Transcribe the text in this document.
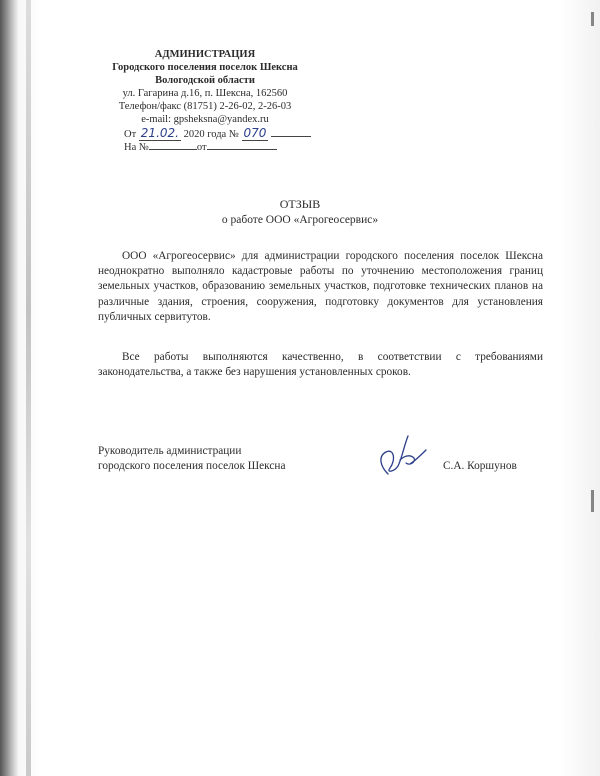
АДМИНИСТРАЦИЯ
Городского поселения поселок Шексна
Вологодской области
ул. Гагарина д.16, п. Шексна, 162560
Телефон/факс (81751) 2-26-02, 2-26-03
e-mail: gpsheksna@yandex.ru
От 21.02. 2020 года № 070
На №	от
ОТЗЫВ
о работе ООО «Агрогеосервис»
ООО «Агрогеосервис» для администрации городского поселения поселок Шексна неоднократно выполняло кадастровые работы по уточнению местоположения границ земельных участков, образованию земельных участков, подготовке технических планов на различные здания, строения, сооружения, подготовку документов для установления публичных сервитутов.
Все работы выполняются качественно, в соответствии с требованиями законодательства, а также без нарушения установленных сроков.
Руководитель администрации
городского поселения поселок Шексна	С.А. Коршунов
